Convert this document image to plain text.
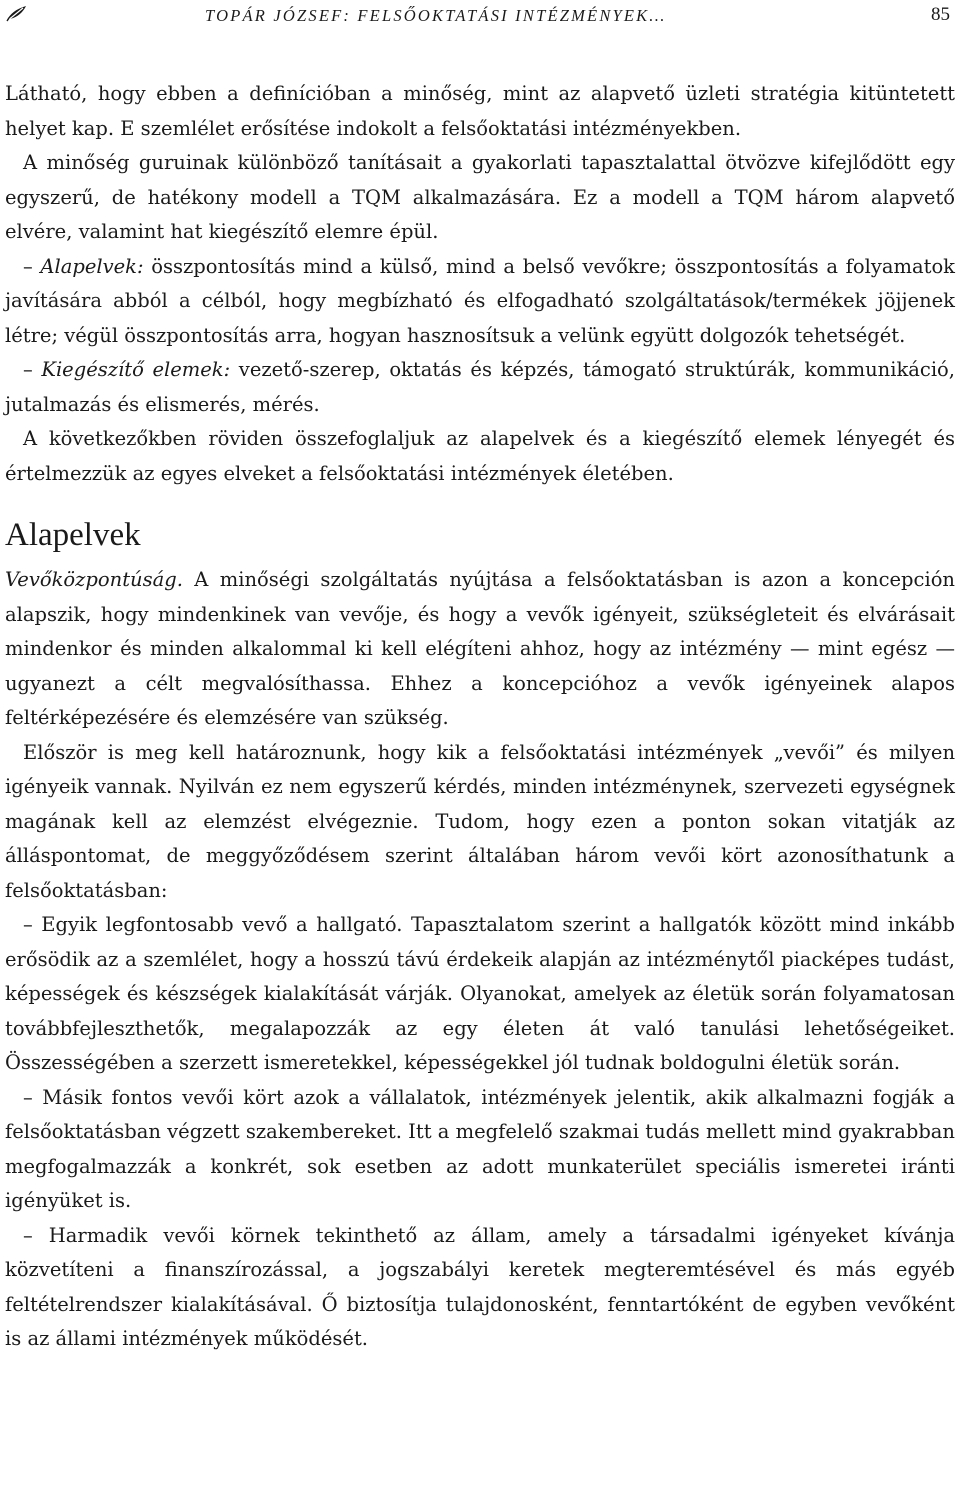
TOPÁR JÓZSEF: FELSŐOKTATÁSI INTÉZMÉNYEK…	85

Látható, hogy ebben a definícióban a minőség, mint az alapvető üzleti stratégia kitüntetett helyet kap. E szemlélet erősítése indokolt a felsőoktatási intézményekben.

A minőség guruinak különböző tanításait a gyakorlati tapasztalattal ötvözve kifejlődött egy egyszerű, de hatékony modell a TQM alkalmazására. Ez a modell a TQM három alapvető elvére, valamint hat kiegészítő elemre épül.

– Alapelvek: összpontosítás mind a külső, mind a belső vevőkre; összpontosítás a folyamatok javítására abból a célból, hogy megbízható és elfogadható szolgáltatások/termékek jöjjenek létre; végül összpontosítás arra, hogyan hasznosítsuk a velünk együtt dolgozók tehetségét.

– Kiegészítő elemek: vezető-szerep, oktatás és képzés, támogató struktúrák, kommunikáció, jutalmazás és elismerés, mérés.

A következőkben röviden összefoglaljuk az alapelvek és a kiegészítő elemek lényegét és értelmezzük az egyes elveket a felsőoktatási intézmények életében.

Alapelvek

Vevőközpontúság. A minőségi szolgáltatás nyújtása a felsőoktatásban is azon a koncepción alapszik, hogy mindenkinek van vevője, és hogy a vevők igényeit, szükségleteit és elvárásait mindenkor és minden alkalommal ki kell elégíteni ahhoz, hogy az intézmény — mint egész — ugyanezt a célt megvalósíthassa. Ehhez a koncepcióhoz a vevők igényeinek alapos feltérképezésére és elemzésére van szükség.

Először is meg kell határoznunk, hogy kik a felsőoktatási intézmények „vevői” és milyen igényeik vannak. Nyilván ez nem egyszerű kérdés, minden intézménynek, szervezeti egységnek magának kell az elemzést elvégeznie. Tudom, hogy ezen a ponton sokan vitatják az álláspontomat, de meggyőződésem szerint általában három vevői kört azonosíthatunk a felsőoktatásban:

– Egyik legfontosabb vevő a hallgató. Tapasztalatom szerint a hallgatók között mind inkább erősödik az a szemlélet, hogy a hosszú távú érdekeik alapján az intézménytől piacképes tudást, képességek és készségek kialakítását várják. Olyanokat, amelyek az életük során folyamatosan továbbfejleszthetők, megalapozzák az egy életen át való tanulási lehetőségeiket. Összességében a szerzett ismeretekkel, képességekkel jól tudnak boldogulni életük során.

– Másik fontos vevői kört azok a vállalatok, intézmények jelentik, akik alkalmazni fogják a felsőoktatásban végzett szakembereket. Itt a megfelelő szakmai tudás mellett mind gyakrabban megfogalmazzák a konkrét, sok esetben az adott munkaterület speciális ismeretei iránti igényüket is.

– Harmadik vevői körnek tekinthető az állam, amely a társadalmi igényeket kívánja közvetíteni a finanszírozással, a jogszabályi keretek megteremtésével és más egyéb feltételrendszer kialakításával. Ő biztosítja tulajdonosként, fenntartóként de egyben vevőként is az állami intézmények működését.
